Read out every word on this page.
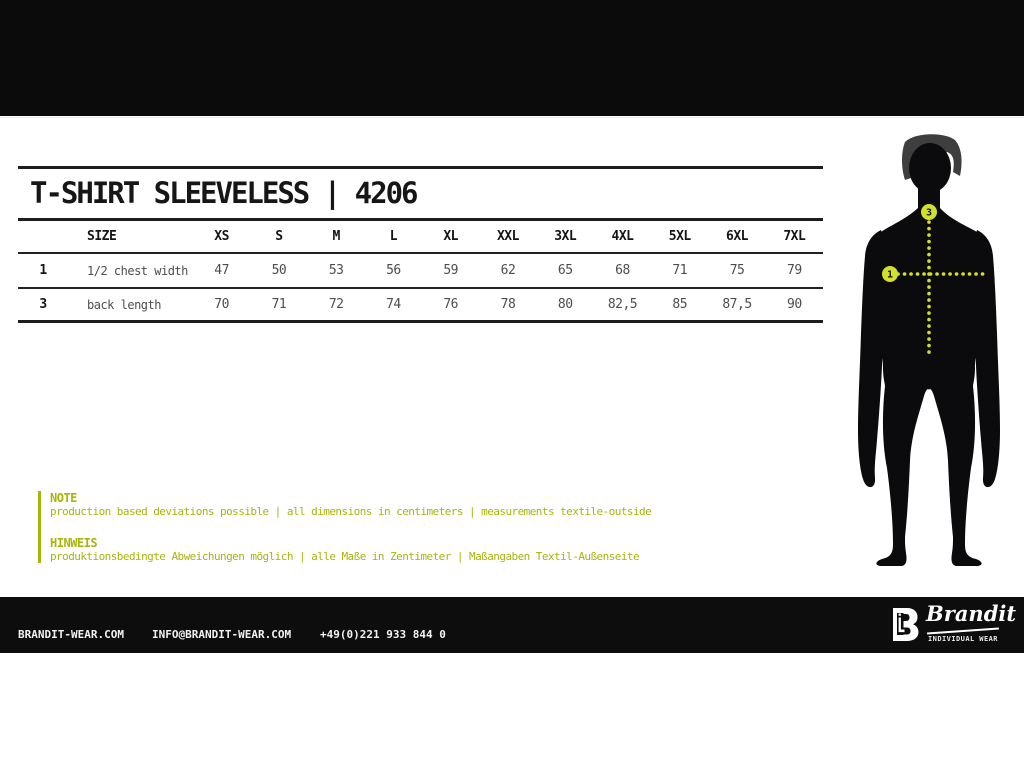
T-SHIRT SLEEVELESS | 4206
	SIZE	XS	S	M	L	XL	XXL	3XL	4XL	5XL	6XL	7XL
1	1/2 chest width	47	50	53	56	59	62	65	68	71	75	79
3	back length	70	71	72	74	76	78	80	82,5	85	87,5	90
NOTE
production based deviations possible | all dimensions in centimeters | measurements textile-outside
HINWEIS
produktionsbedingte Abweichungen möglich | alle Maße in Zentimeter | Maßangaben Textil-Außenseite
3
1
BRANDIT-WEAR.COM	INFO@BRANDIT-WEAR.COM	+49(0)221 933 844 0
Brandit
INDIVIDUAL WEAR
